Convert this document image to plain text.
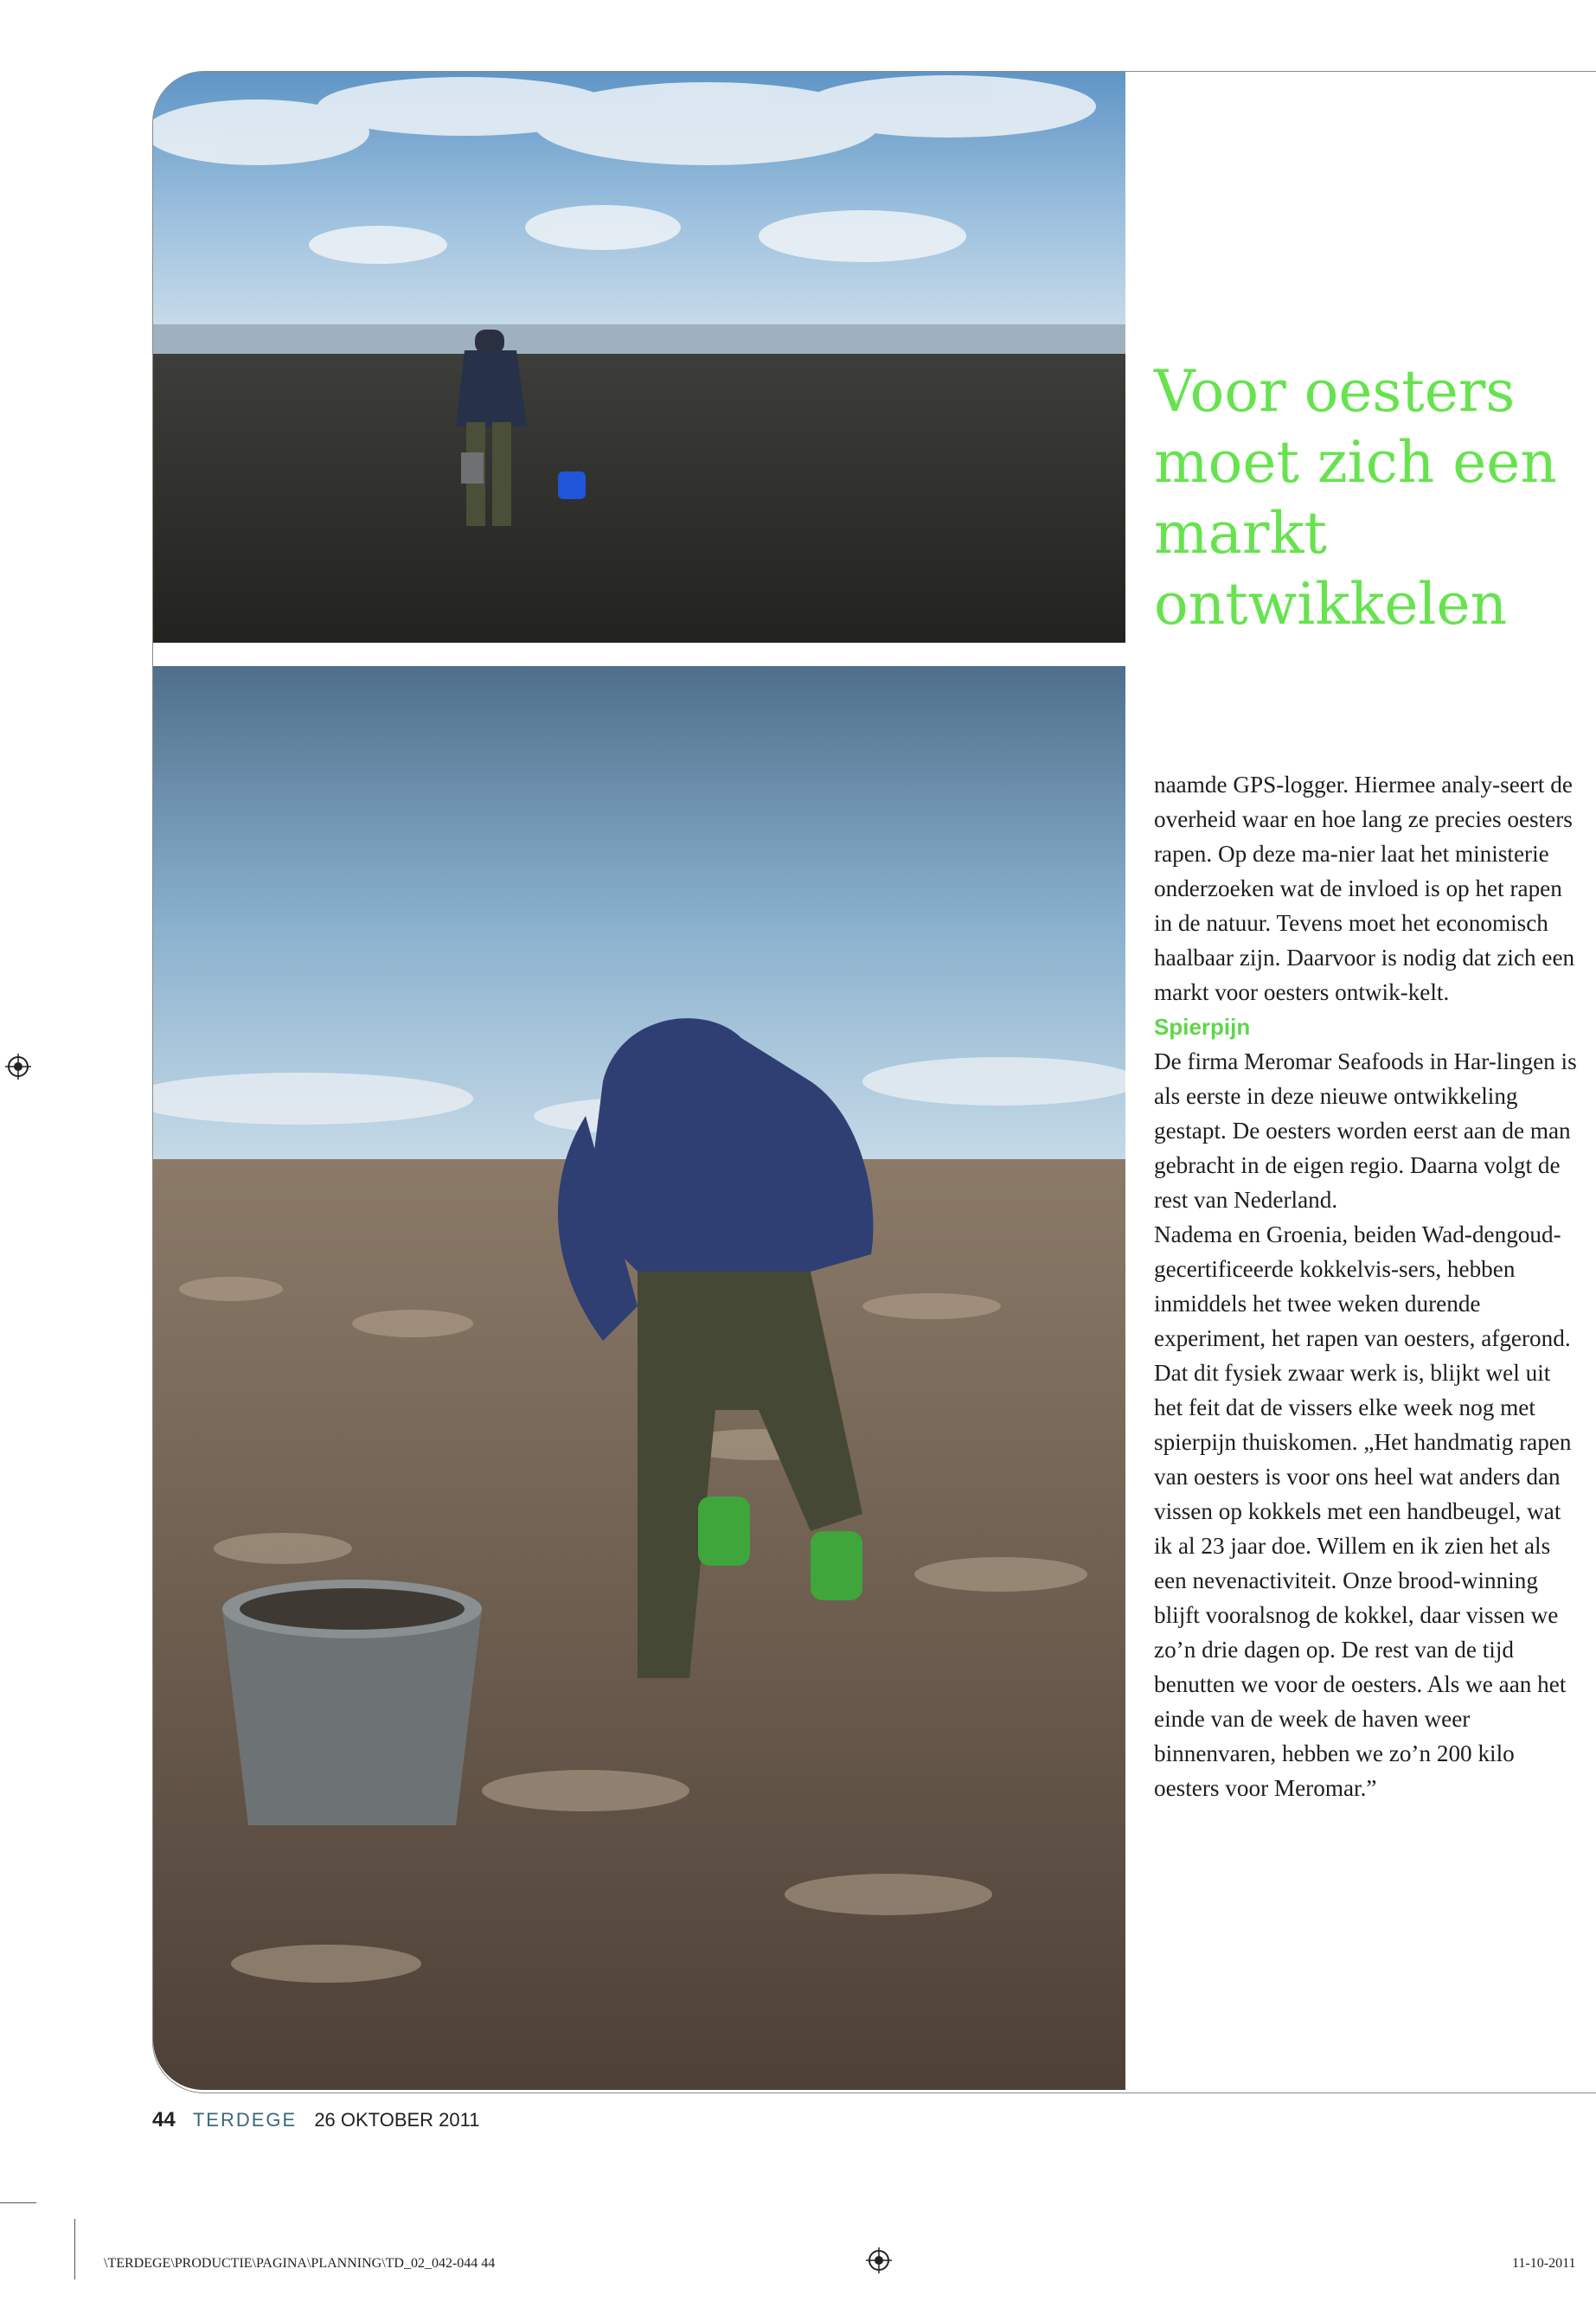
Voor oesters moet zich een markt ontwikkelen

naamde GPS-logger. Hiermee analy-seert de overheid waar en hoe lang ze precies oesters rapen. Op deze ma-nier laat het ministerie onderzoeken wat de invloed is op het rapen in de natuur. Tevens moet het economisch haalbaar zijn. Daarvoor is nodig dat zich een markt voor oesters ontwik-kelt.

Spierpijn

De firma Meromar Seafoods in Har-lingen is als eerste in deze nieuwe ontwikkeling gestapt. De oesters worden eerst aan de man gebracht in de eigen regio. Daarna volgt de rest van Nederland.

Nadema en Groenia, beiden Wad-dengoud-gecertificeerde kokkelvis-sers, hebben inmiddels het twee weken durende experiment, het rapen van oesters, afgerond. Dat dit fysiek zwaar werk is, blijkt wel uit het feit dat de vissers elke week nog met spierpijn thuiskomen. „Het handmatig rapen van oesters is voor ons heel wat anders dan vissen op kokkels met een handbeugel, wat ik al 23 jaar doe. Willem en ik zien het als een nevenactiviteit. Onze brood-winning blijft vooralsnog de kokkel, daar vissen we zo’n drie dagen op. De rest van de tijd benutten we voor de oesters. Als we aan het einde van de week de haven weer binnenvaren, hebben we zo’n 200 kilo oesters voor Meromar.”

44 TERDEGE 26 OKTOBER 2011
\TERDEGE\PRODUCTIE\PAGINA\PLANNING\TD_02_042-044 44	11-10-2011
